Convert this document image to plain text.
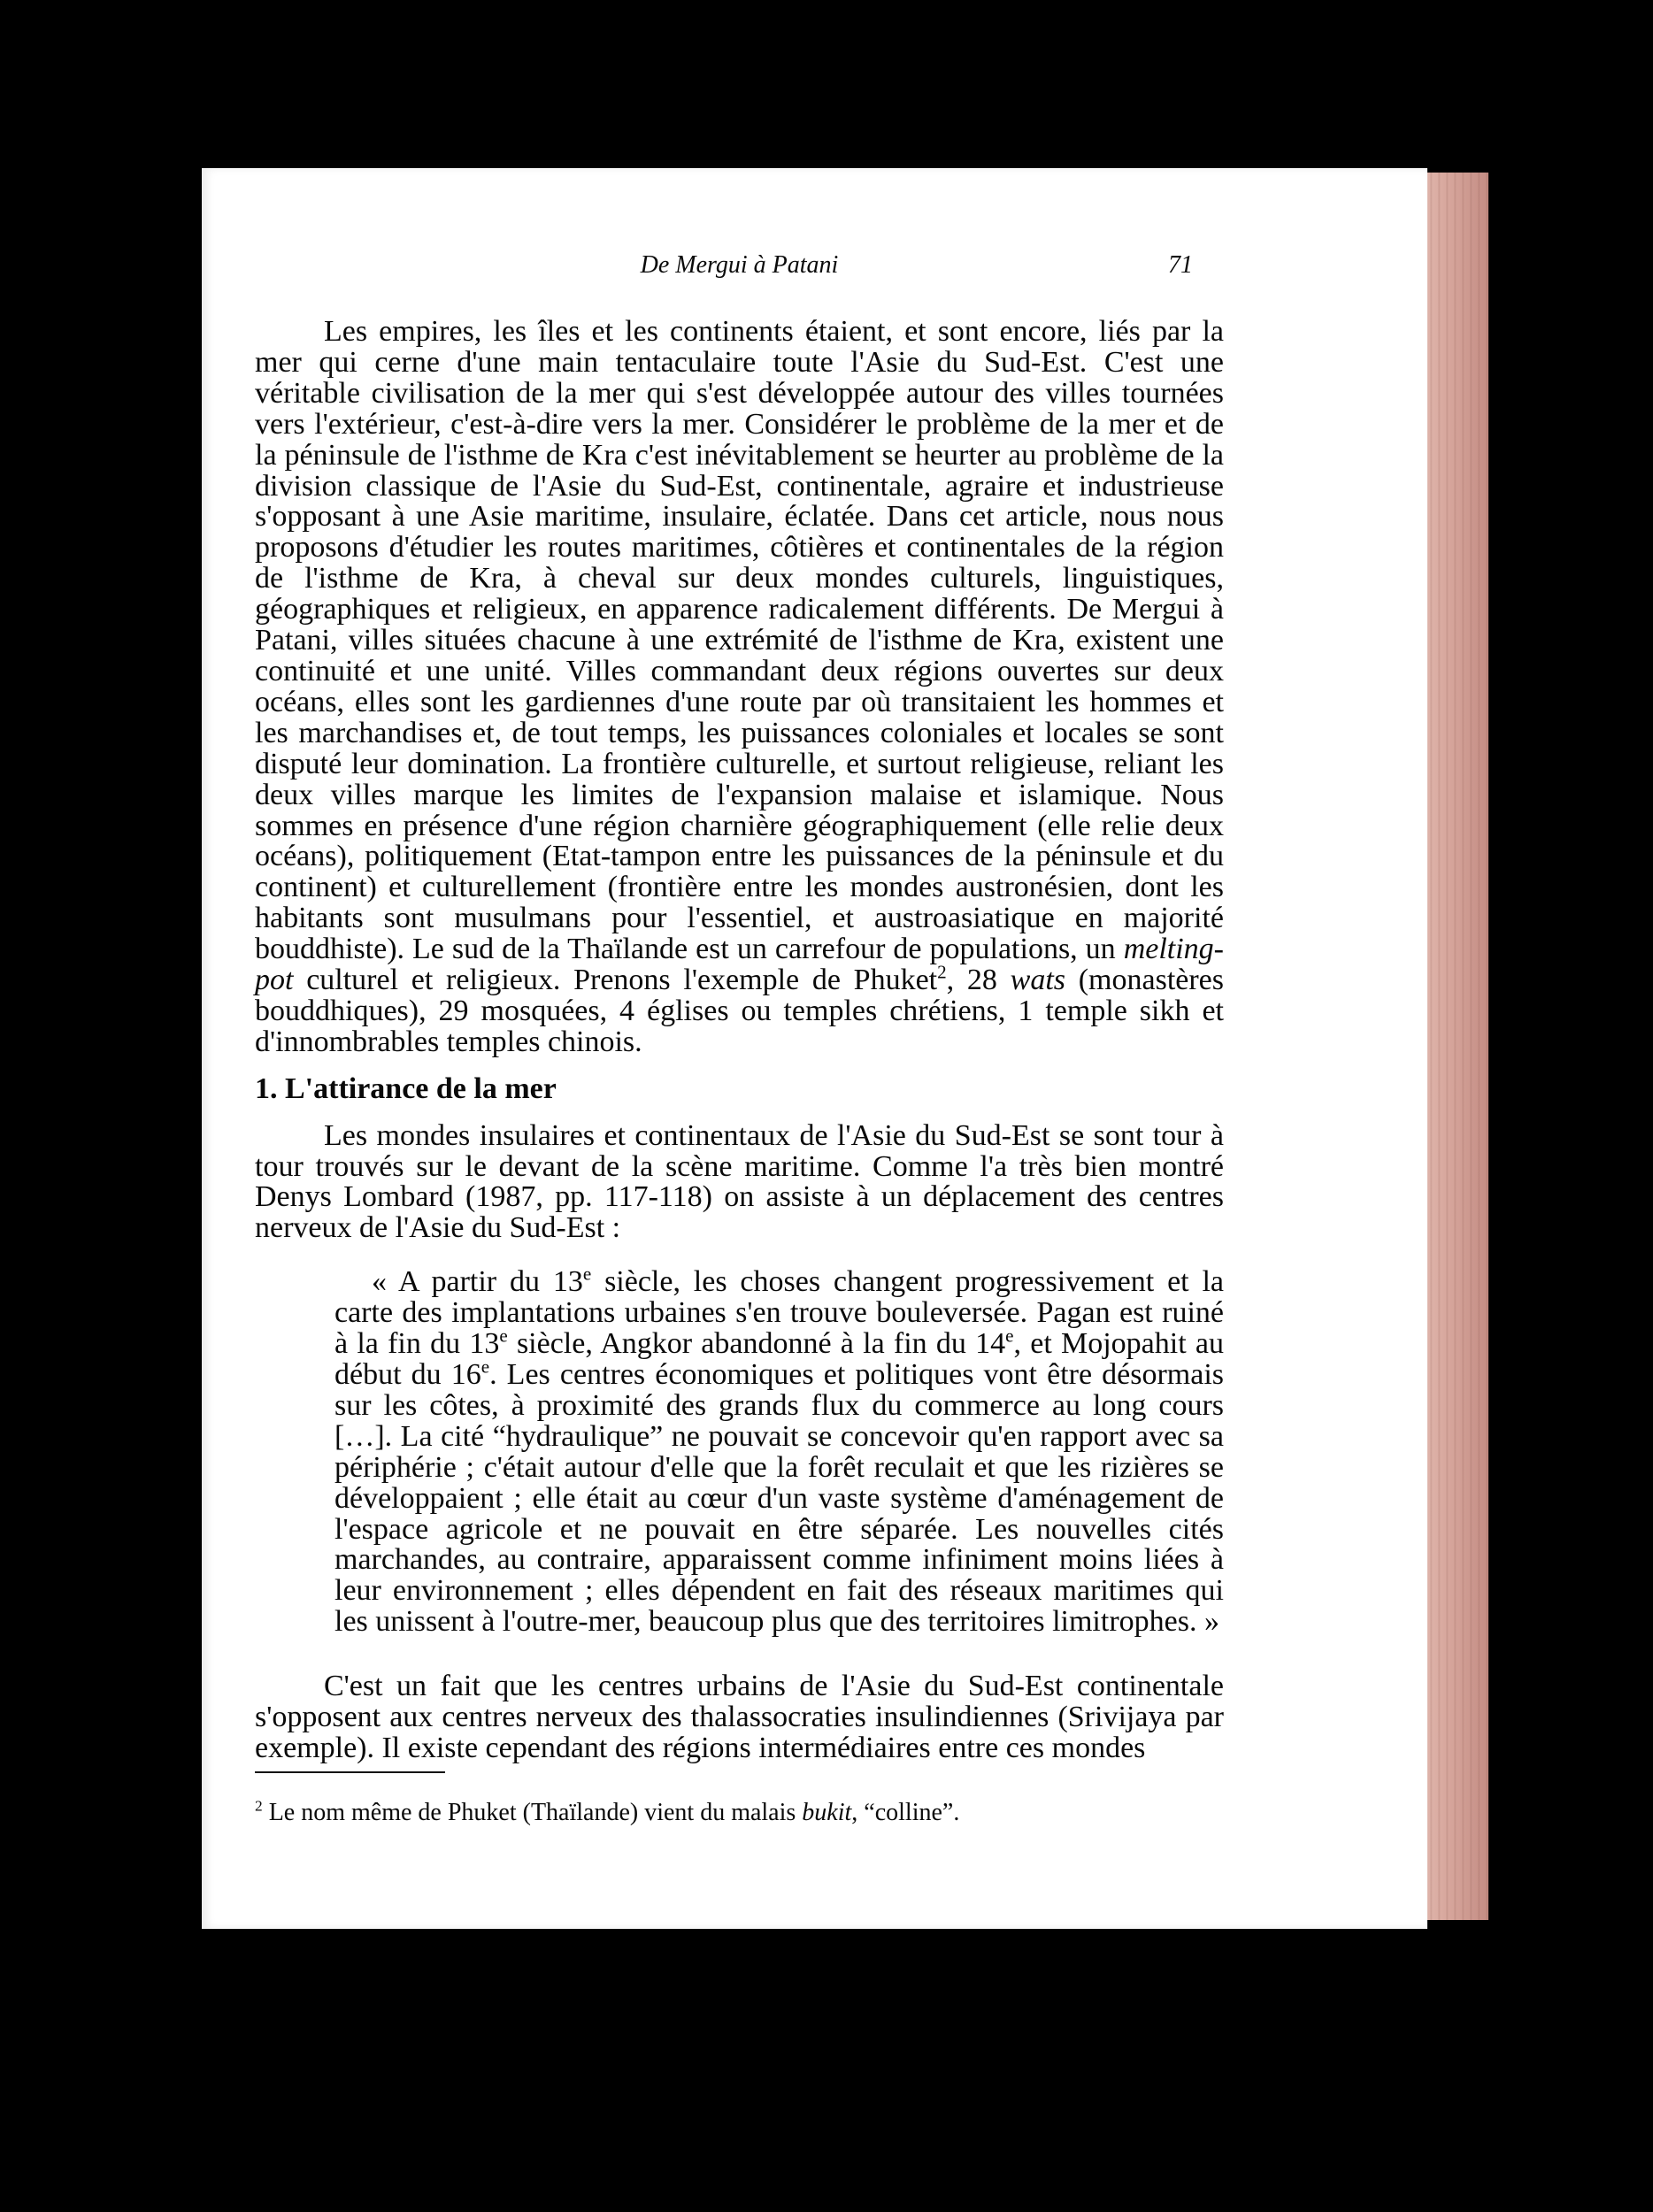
De Mergui à Patani	71

Les empires, les îles et les continents étaient, et sont encore, liés par la mer qui cerne d'une main tentaculaire toute l'Asie du Sud-Est. C'est une véritable civilisation de la mer qui s'est développée autour des villes tournées vers l'extérieur, c'est-à-dire vers la mer. Considérer le problème de la mer et de la péninsule de l'isthme de Kra c'est inévitablement se heurter au problème de la division classique de l'Asie du Sud-Est, continentale, agraire et industrieuse s'opposant à une Asie maritime, insulaire, éclatée. Dans cet article, nous nous proposons d'étudier les routes maritimes, côtières et continentales de la région de l'isthme de Kra, à cheval sur deux mondes culturels, linguistiques, géographiques et religieux, en apparence radicalement différents. De Mergui à Patani, villes situées chacune à une extrémité de l'isthme de Kra, existent une continuité et une unité. Villes commandant deux régions ouvertes sur deux océans, elles sont les gardiennes d'une route par où transitaient les hommes et les marchandises et, de tout temps, les puissances coloniales et locales se sont disputé leur domination. La frontière culturelle, et surtout religieuse, reliant les deux villes marque les limites de l'expansion malaise et islamique. Nous sommes en présence d'une région charnière géographiquement (elle relie deux océans), politiquement (Etat-tampon entre les puissances de la péninsule et du continent) et culturellement (frontière entre les mondes austronésien, dont les habitants sont musulmans pour l'essentiel, et austroasiatique en majorité bouddhiste). Le sud de la Thaïlande est un carrefour de populations, un melting-pot culturel et religieux. Prenons l'exemple de Phuket$^2$, 28 wats (monastères bouddhiques), 29 mosquées, 4 églises ou temples chrétiens, 1 temple sikh et d'innombrables temples chinois.

1. L'attirance de la mer

Les mondes insulaires et continentaux de l'Asie du Sud-Est se sont tour à tour trouvés sur le devant de la scène maritime. Comme l'a très bien montré Denys Lombard (1987, pp. 117-118) on assiste à un déplacement des centres nerveux de l'Asie du Sud-Est :

« A partir du 13e siècle, les choses changent progressivement et la carte des implantations urbaines s'en trouve bouleversée. Pagan est ruiné à la fin du 13e siècle, Angkor abandonné à la fin du 14e, et Mojopahit au début du 16e. Les centres économiques et politiques vont être désormais sur les côtes, à proximité des grands flux du commerce au long cours […]. La cité “hydraulique” ne pouvait se concevoir qu'en rapport avec sa périphérie ; c'était autour d'elle que la forêt reculait et que les rizières se développaient ; elle était au cœur d'un vaste système d'aménagement de l'espace agricole et ne pouvait en être séparée. Les nouvelles cités marchandes, au contraire, apparaissent comme infiniment moins liées à leur environnement ; elles dépendent en fait des réseaux maritimes qui les unissent à l'outre-mer, beaucoup plus que des territoires limitrophes. »

C'est un fait que les centres urbains de l'Asie du Sud-Est continentale s'opposent aux centres nerveux des thalassocraties insulindiennes (Srivijaya par exemple). Il existe cependant des régions intermédiaires entre ces mondes

$^2$ Le nom même de Phuket (Thaïlande) vient du malais bukit, “colline”.
